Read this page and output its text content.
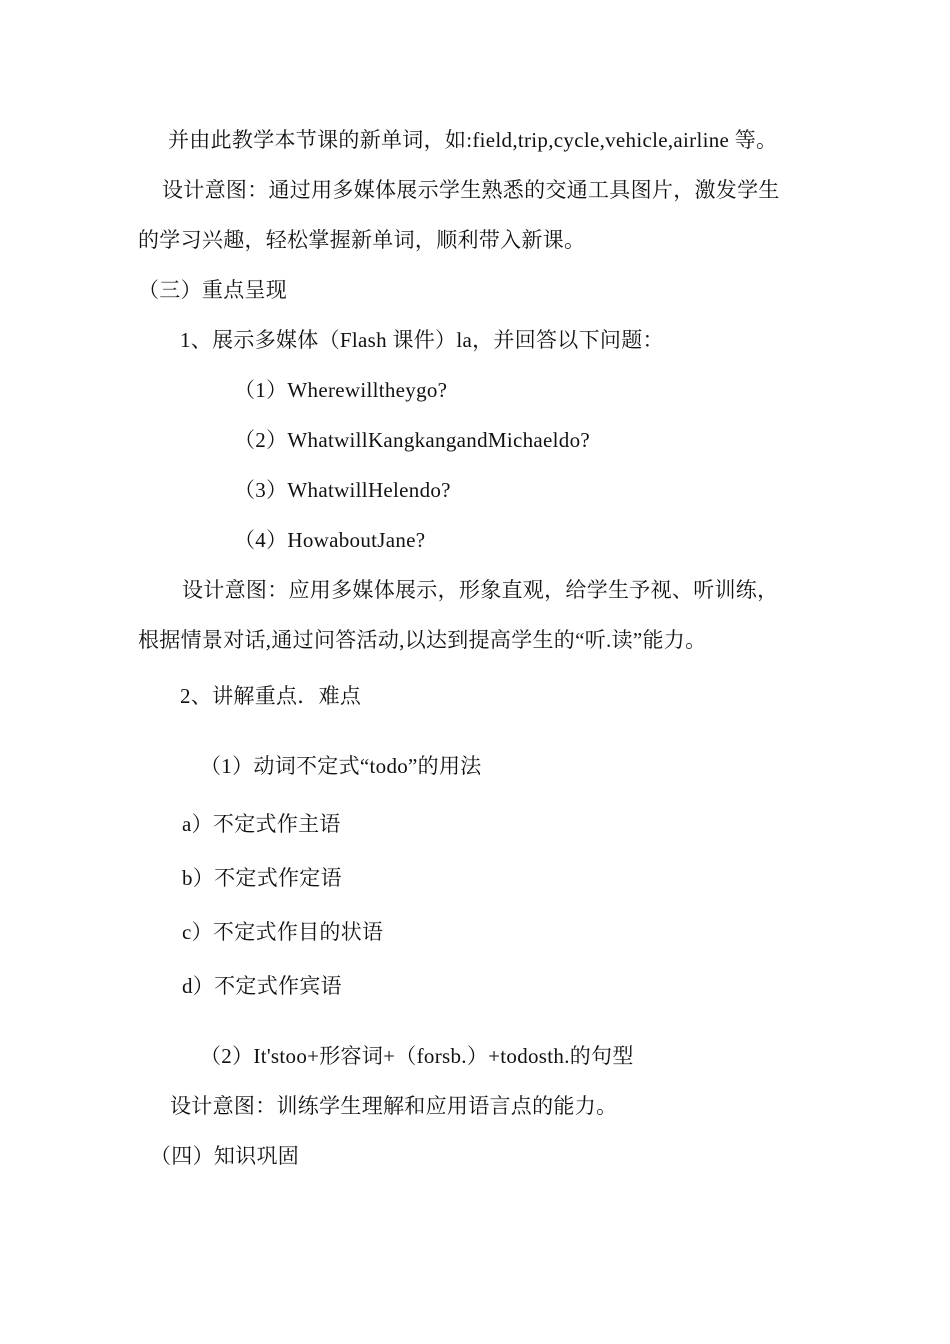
并由此教学本节课的新单词，如:field,trip,cycle,vehicle,airline 等。
设计意图：通过用多媒体展示学生熟悉的交通工具图片，激发学生
的学习兴趣，轻松掌握新单词，顺利带入新课。
（三）重点呈现
1、展示多媒体（Flash 课件）la，并回答以下问题：
（1）Wherewilltheygo?
（2）WhatwillKangkangandMichaeldo?
（3）WhatwillHelendo?
（4）HowaboutJane?
设计意图：应用多媒体展示，形象直观，给学生予视、听训练，
根据情景对话,通过问答活动,以达到提高学生的“听.读”能力。
2、讲解重点．难点
（1）动词不定式“todo”的用法
a）不定式作主语
b）不定式作定语
c）不定式作目的状语
d）不定式作宾语
（2）It'stoo+形容词+（forsb.）+todosth.的句型
设计意图：训练学生理解和应用语言点的能力。
（四）知识巩固
